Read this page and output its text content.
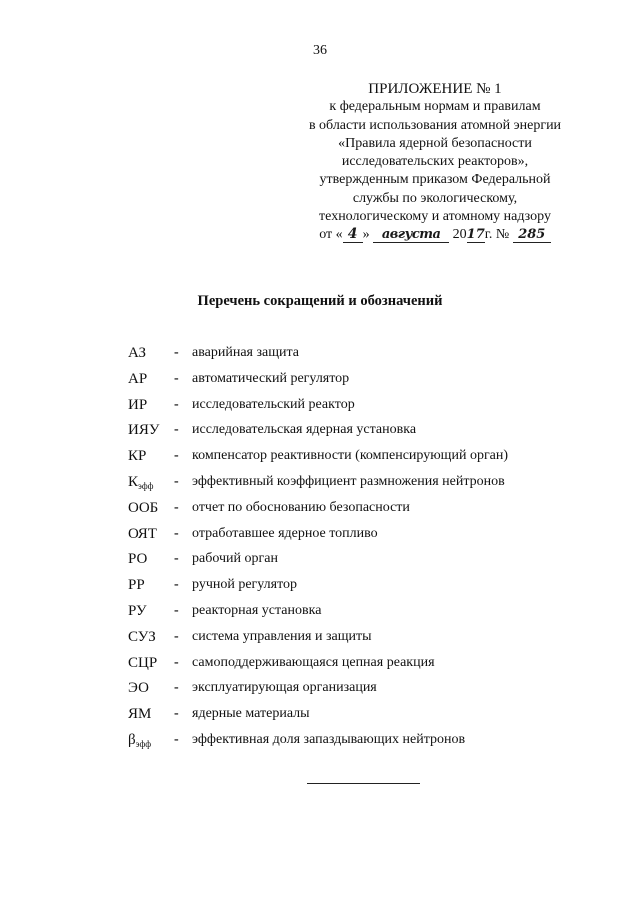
36
ПРИЛОЖЕНИЕ № 1
к федеральным нормам и правилам
в области использования атомной энергии
«Правила ядерной безопасности
исследовательских реакторов»,
утвержденным приказом Федеральной
службы по экологическому,
технологическому и атомному надзору
от « 4 » августа 2017г. № 285
Перечень сокращений и обозначений
АЗ	- аварийная защита
АР	- автоматический регулятор
ИР	- исследовательский реактор
ИЯУ	- исследовательская ядерная установка
КР	- компенсатор реактивности (компенсирующий орган)
$К_{эфф}$	- эффективный коэффициент размножения нейтронов
ООБ	- отчет по обоснованию безопасности
ОЯТ	- отработавшее ядерное топливо
РО	- рабочий орган
РР	- ручной регулятор
РУ	- реакторная установка
СУЗ	- система управления и защиты
СЦР	- самоподдерживающаяся цепная реакция
ЭО	- эксплуатирующая организация
ЯМ	- ядерные материалы
$\beta_{эфф}$	- эффективная доля запаздывающих нейтронов
